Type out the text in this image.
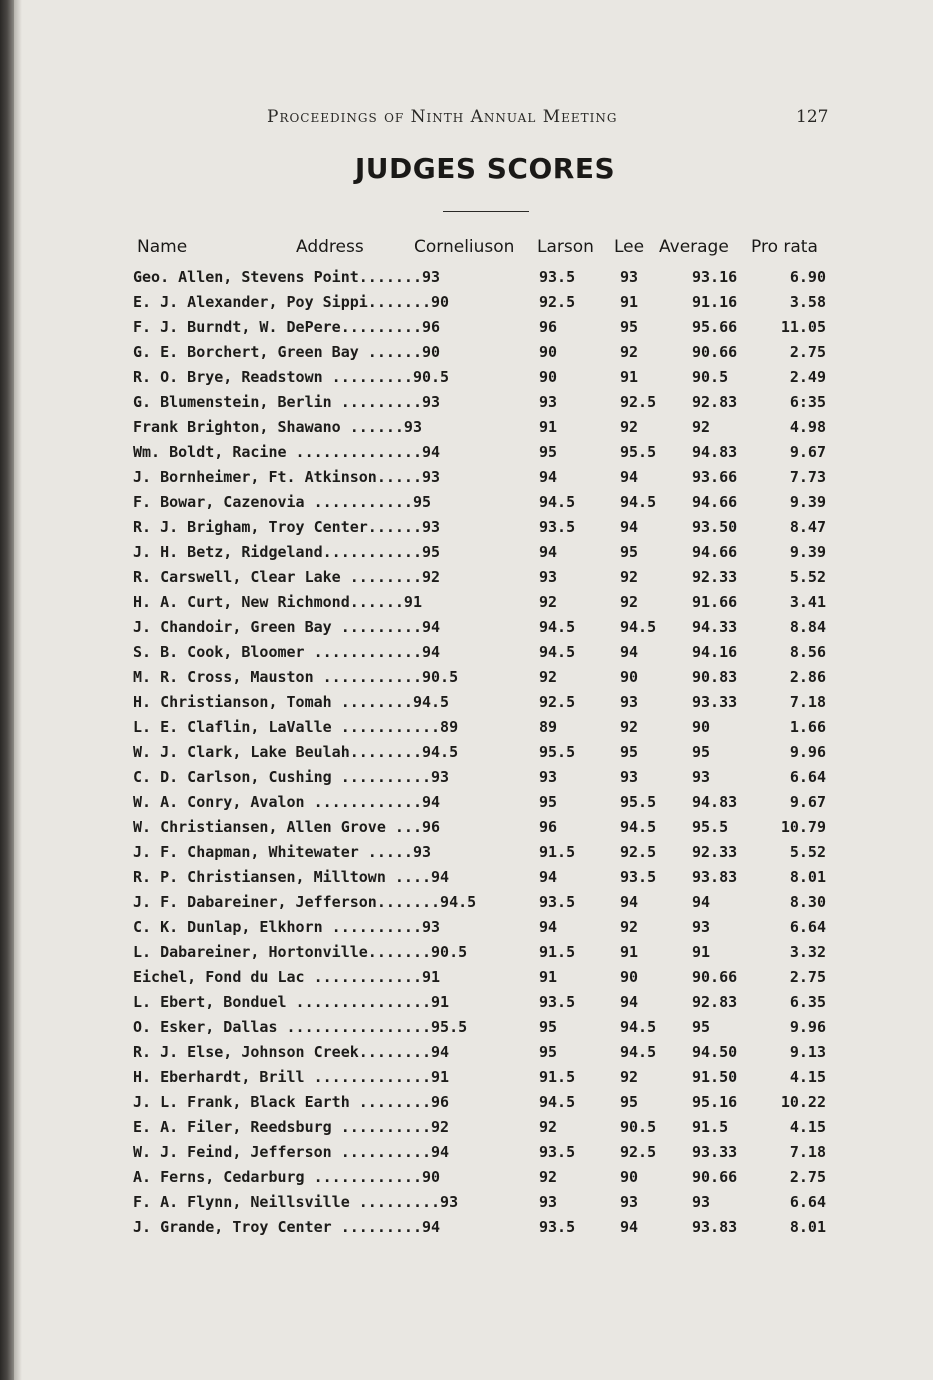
Proceedings of Ninth Annual Meeting	127
JUDGES SCORES
Name	Address	Corneliuson Larson Lee Average Pro rata
Geo. Allen, Stevens Point.......93	93.5	93	93.16	6.90
E. J. Alexander, Poy Sippi.......90	92.5	91	91.16	3.58
F. J. Burndt, W. DePere.........96	96	95	95.66	11.05
G. E. Borchert, Green Bay ......90	90	92	90.66	2.75
R. O. Brye, Readstown .........90.5	90	91	90.5	2.49
G. Blumenstein, Berlin .........93	93	92.5 92.83	6:35
Frank Brighton, Shawano ......93	91	92	92	4.98
Wm. Boldt, Racine ..............94	95	95.5 94.83	9.67
J. Bornheimer, Ft. Atkinson.....93	94	94	93.66	7.73
F. Bowar, Cazenovia ...........95	94.5	94.5 94.66	9.39
R. J. Brigham, Troy Center......93	93.5	94	93.50	8.47
J. H. Betz, Ridgeland...........95	94	95	94.66	9.39
R. Carswell, Clear Lake ........92	93	92	92.33	5.52
H. A. Curt, New Richmond......91	92	92	91.66	3.41
J. Chandoir, Green Bay .........94	94.5	94.5 94.33	8.84
S. B. Cook, Bloomer ............94	94.5	94	94.16	8.56
M. R. Cross, Mauston ...........90.5	92	90	90.83	2.86
H. Christianson, Tomah ........94.5	92.5	93	93.33	7.18
L. E. Claflin, LaValle ...........89	89	92	90	1.66
W. J. Clark, Lake Beulah........94.5	95.5	95	95	9.96
C. D. Carlson, Cushing ..........93	93	93	93	6.64
W. A. Conry, Avalon ............94	95	95.5 94.83	9.67
W. Christiansen, Allen Grove ...96	96	94.5 95.5	10.79
J. F. Chapman, Whitewater .....93	91.5	92.5 92.33	5.52
R. P. Christiansen, Milltown ....94	94	93.5 93.83	8.01
J. F. Dabareiner, Jefferson.......94.5	93.5	94	94	8.30
C. K. Dunlap, Elkhorn ..........93	94	92	93	6.64
L. Dabareiner, Hortonville.......90.5	91.5	91	91	3.32
Eichel, Fond du Lac ............91	91	90	90.66	2.75
L. Ebert, Bonduel ...............91	93.5	94	92.83	6.35
O. Esker, Dallas ................95.5	95	94.5 95	9.96
R. J. Else, Johnson Creek........94	95	94.5 94.50	9.13
H. Eberhardt, Brill .............91	91.5	92	91.50	4.15
J. L. Frank, Black Earth ........96	94.5	95	95.16	10.22
E. A. Filer, Reedsburg ..........92	92	90.5 91.5	4.15
W. J. Feind, Jefferson ..........94	93.5	92.5 93.33	7.18
A. Ferns, Cedarburg ............90	92	90	90.66	2.75
F. A. Flynn, Neillsville .........93	93	93	93	6.64
J. Grande, Troy Center .........94	93.5	94	93.83	8.01
